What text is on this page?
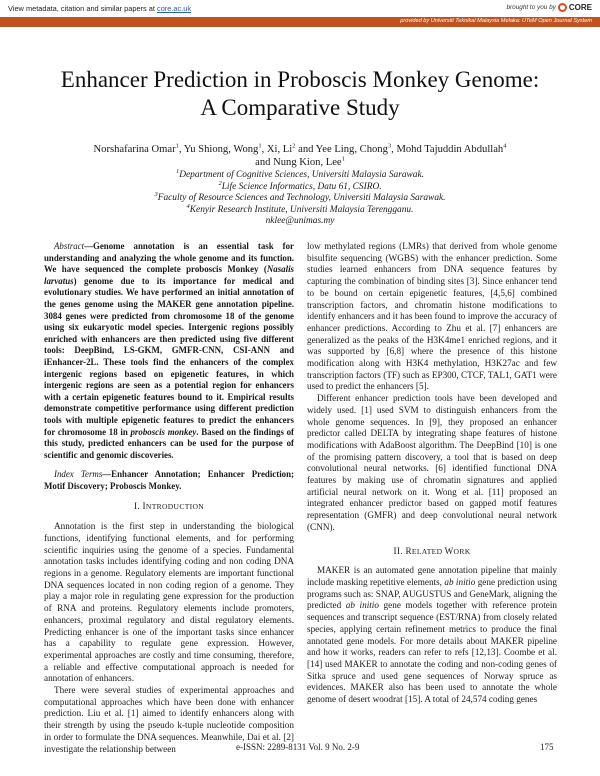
View metadata, citation and similar papers at core.ac.uk	brought to you by CORE
provided by Universiti Teknikal Malaysia Melaka: UTeM Open Journal System
Enhancer Prediction in Proboscis Monkey Genome:
A Comparative Study
Norshafarina Omar$^1$, Yu Shiong, Wong$^1$, Xi, Li$^2$ and Yee Ling, Chong$^3$, Mohd Tajuddin Abdullah$^4$
and Nung Kion, Lee$^1$
$^1$Department of Cognitive Sciences, Universiti Malaysia Sarawak.
$^2$Life Science Informatics, Datu 61, CSIRO.
$^3$Faculty of Resource Sciences and Technology, Universiti Malaysia Sarawak.
$^4$Kenyir Research Institute, Universiti Malaysia Terengganu.
nklee@unimas.my

Abstract—Genome annotation is an essential task for understanding and analyzing the whole genome and its function. We have sequenced the complete proboscis Monkey (Nasalis larvatus) genome due to its importance for medical and evolutionary studies. We have performed an initial annotation of the genes genome using the MAKER gene annotation pipeline. 3084 genes were predicted from chromosome 18 of the genome using six eukaryotic model species. Intergenic regions possibly enriched with enhancers are then predicted using five different tools: DeepBind, LS-GKM, GMFR-CNN, CSI-ANN and iEnhancer-2L. These tools find the enhancers of the complex intergenic regions based on epigenetic features, in which intergenic regions are seen as a potential region for enhancers with a certain epigenetic features bound to it. Empirical results demonstrate competitive performance using different prediction tools with multiple epigenetic features to predict the enhancers for chromosome 18 in proboscis monkey. Based on the findings of this study, predicted enhancers can be used for the purpose of scientific and genomic discoveries.

Index Terms—Enhancer Annotation; Enhancer Prediction; Motif Discovery; Proboscis Monkey.

I. INTRODUCTION

Annotation is the first step in understanding the biological functions, identifying functional elements, and for performing scientific inquiries using the genome of a species. Fundamental annotation tasks includes identifying coding and non coding DNA regions in a genome. Regulatory elements are important functional DNA sequences located in non coding region of a genome. They play a major role in regulating gene expression for the production of RNA and proteins. Regulatory elements include promoters, enhancers, proximal regulatory and distal regulatory elements. Predicting enhancer is one of the important tasks since enhancer has a capability to regulate gene expression. However, experimental approaches are costly and time consuming, therefore, a reliable and effective computational approach is needed for annotation of enhancers.

There were several studies of experimental approaches and computational approaches which have been done with enhancer prediction. Liu et al. [1] aimed to identify enhancers along with their strength by using the pseudo k-tuple nucleotide composition in order to formulate the DNA sequences. Meanwhile, Dai et al. [2] investigate the relationship between

low methylated regions (LMRs) that derived from whole genome bisulfite sequencing (WGBS) with the enhancer prediction. Some studies learned enhancers from DNA sequence features by capturing the combination of binding sites [3]. Since enhancer tend to be bound on certain epigenetic features, [4,5,6] combined transcription factors, and chromatin histone modifications to identify enhancers and it has been found to improve the accuracy of enhancer predictions. According to Zhu et al. [7] enhancers are generalized as the peaks of the H3K4me1 enriched regions, and it was supported by [6,8] where the presence of this histone modification along with H3K4 methylation, H3K27ac and few transcription factors (TF) such as EP300, CTCF, TAL1, GAT1 were used to predict the enhancers [5].

Different enhancer prediction tools have been developed and widely used. [1] used SVM to distinguish enhancers from the whole genome sequences. In [9], they proposed an enhancer predictor called DELTA by integrating shape features of histone modifications with AdaBoost algorithm. The DeepBind [10] is one of the promising pattern discovery, a tool that is based on deep convolutional neural networks. [6] identified functional DNA features by making use of chromatin signatures and applied artificial neural network on it. Wong et al. [11] proposed an integrated enhancer predictor based on gapped motif features representation (GMFR) and deep convolutional neural network (CNN).

II. RELATED WORK

MAKER is an automated gene annotation pipeline that mainly include masking repetitive elements, ab initio gene prediction using programs such as: SNAP, AUGUSTUS and GeneMark, aligning the predicted ab initio gene models together with reference protein sequences and transcript sequence (EST/RNA) from closely related species, applying certain refinement metrics to produce the final annotated gene models. For more details about MAKER pipeline and how it works, readers can refer to refs [12,13]. Coombe et al. [14] used MAKER to annotate the coding and non-coding genes of Sitka spruce and used gene sequences of Norway spruce as evidences. MAKER also has been used to annotate the whole genome of desert woodrat [15]. A total of 24,574 coding genes

e-ISSN: 2289-8131 Vol. 9 No. 2-9	175
